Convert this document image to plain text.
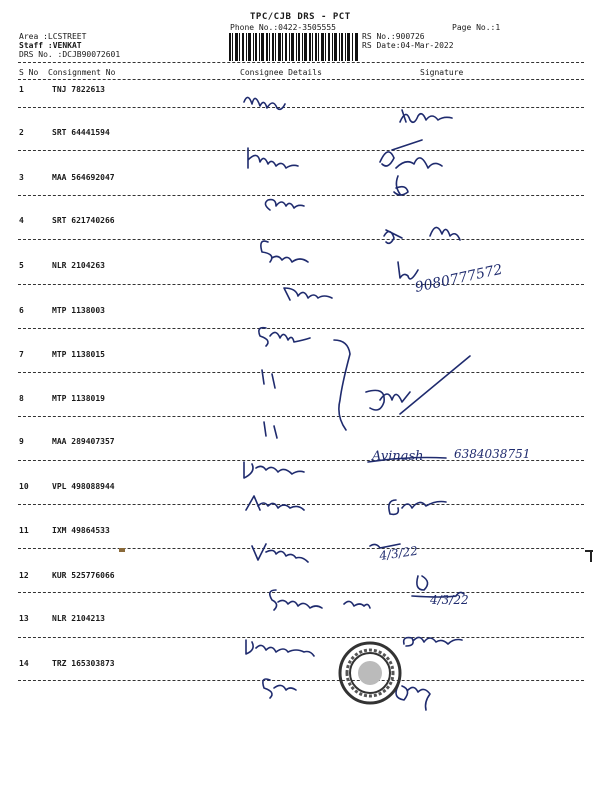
TPC/CJB DRS - PCT
Phone No.:0422-3505555	Page No.:1
Area :LCSTREET
Staff :VENKAT
DRS No. :DCJB90072601
RS No.:900726
RS Date:04-Mar-2022
S No Consignment No	Consignee Details	Signature
1	TNJ 7822613
2	SRT 64441594
3	MAA 564692047
4	SRT 621740266
5	NLR 2104263
6	MTP 1138003
7	MTP 1138015
8	MTP 1138019
9	MAA 289407357
10	VPL 498088944
11	IXM 49864533
12	KUR 525776066
13	NLR 2104213
14	TRZ 165303873
9080777572
Avinash	6384038751
4/3/22
4/3/22
